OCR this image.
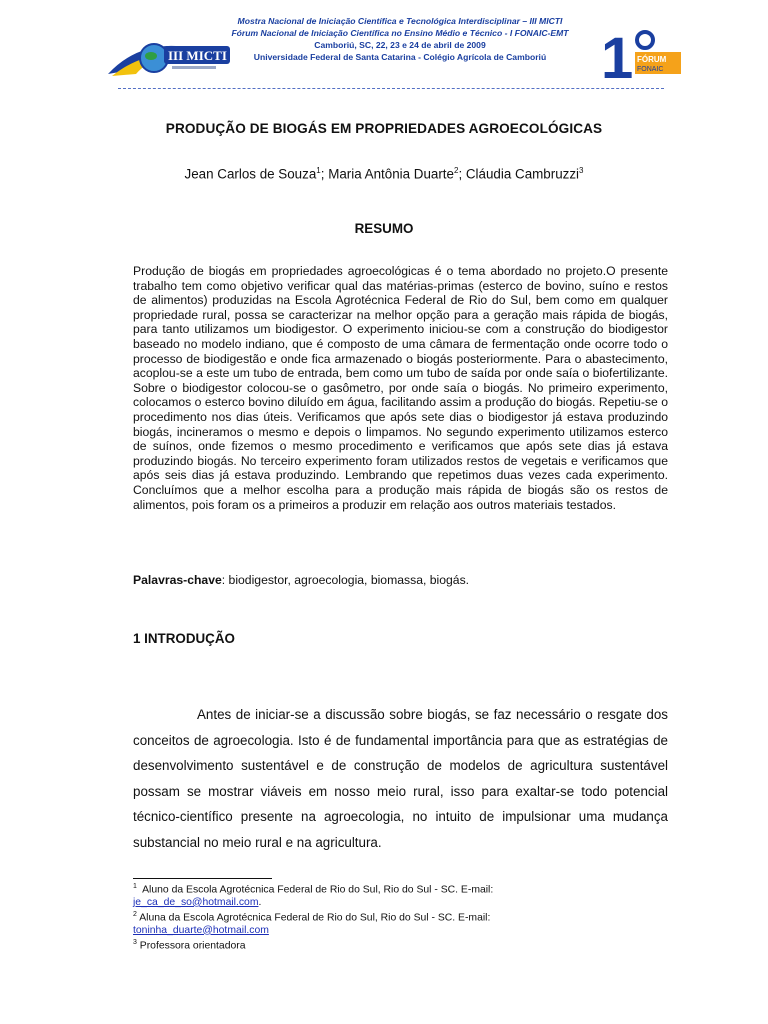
III MICTI
Mostra Nacional de Iniciação Científica e Tecnológica Interdisciplinar – III MICTI
Fórum Nacional de Iniciação Científica no Ensino Médio e Técnico - I FONAIC-EMT
Camboriú, SC, 22, 23 e 24 de abril de 2009
Universidade Federal de Santa Catarina - Colégio Agrícola de Camboriú 1 FÓRUM
FONAIC
PRODUÇÃO DE BIOGÁS EM PROPRIEDADES AGROECOLÓGICAS
Jean Carlos de Souza$^1$; Maria Antônia Duarte$^2$; Cláudia Cambruzzi$^3$
RESUMO

Produção de biogás em propriedades agroecológicas é o tema abordado no projeto.O presente trabalho tem como objetivo verificar qual das matérias-primas (esterco de bovino, suíno e restos de alimentos) produzidas na Escola Agrotécnica Federal de Rio do Sul, bem como em qualquer propriedade rural, possa se caracterizar na melhor opção para a geração mais rápida de biogás, para tanto utilizamos um biodigestor. O experimento iniciou-se com a construção do biodigestor baseado no modelo indiano, que é composto de uma câmara de fermentação onde ocorre todo o processo de biodigestão e onde fica armazenado o biogás posteriormente. Para o abastecimento, acoplou-se a este um tubo de entrada, bem como um tubo de saída por onde saía o biofertilizante. Sobre o biodigestor colocou-se o gasômetro, por onde saía o biogás. No primeiro experimento, colocamos o esterco bovino diluído em água, facilitando assim a produção do biogás. Repetiu-se o procedimento nos dias úteis. Verificamos que após sete dias o biodigestor já estava produzindo biogás, incineramos o mesmo e depois o limpamos. No segundo experimento utilizamos esterco de suínos, onde fizemos o mesmo procedimento e verificamos que após sete dias já estava produzindo biogás. No terceiro experimento foram utilizados restos de vegetais e verificamos que após seis dias já estava produzindo. Lembrando que repetimos duas vezes cada experimento. Concluímos que a melhor escolha para a produção mais rápida de biogás são os restos de alimentos, pois foram os a primeiros a produzir em relação aos outros materiais testados.

Palavras-chave: biodigestor, agroecologia, biomassa, biogás.
1 INTRODUÇÃO

Antes de iniciar-se a discussão sobre biogás, se faz necessário o resgate dos conceitos de agroecologia. Isto é de fundamental importância para que as estratégias de desenvolvimento sustentável e de construção de modelos de agricultura sustentável possam se mostrar viáveis em nosso meio rural, isso para exaltar-se todo potencial técnico-científico presente na agroecologia, no intuito de impulsionar uma mudança substancial no meio rural e na agricultura.

$^1$  Aluno da Escola Agrotécnica Federal de Rio do Sul, Rio do Sul - SC. E-mail:
je_ca_de_so@hotmail.com.
$^2$ Aluna da Escola Agrotécnica Federal de Rio do Sul, Rio do Sul - SC. E-mail:
toninha_duarte@hotmail.com
$^3$ Professora orientadora
